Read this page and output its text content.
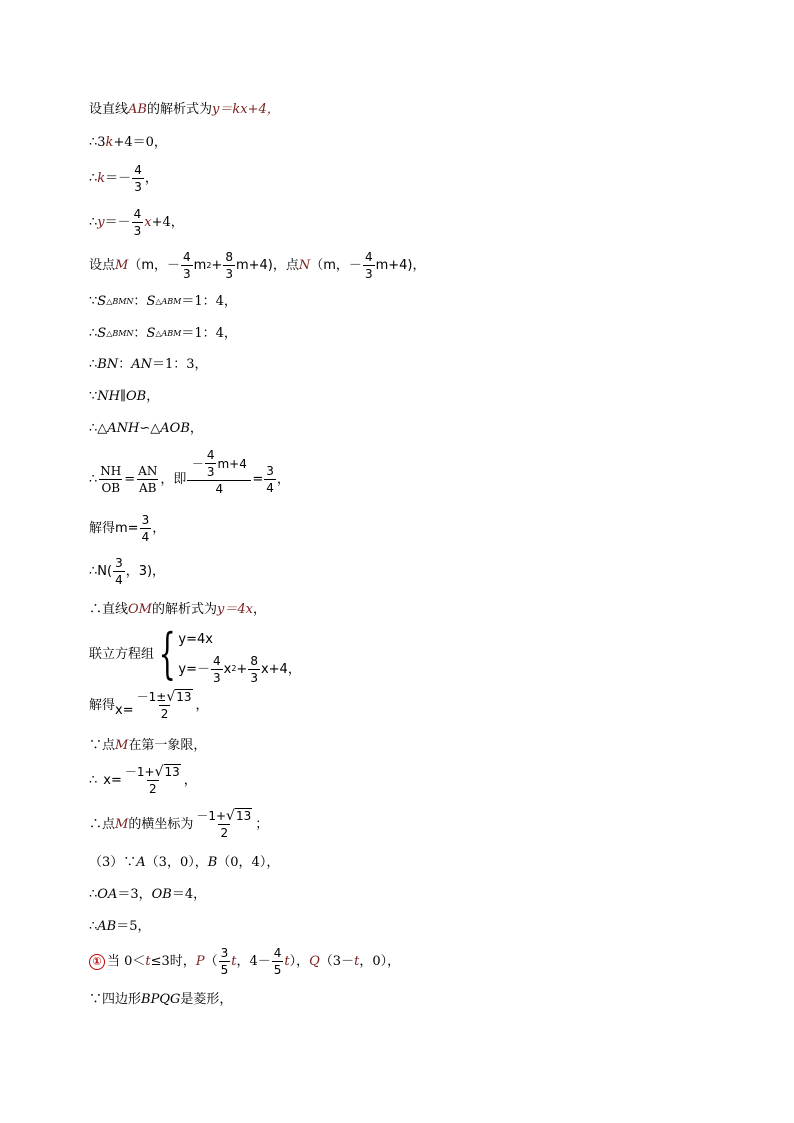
设直线 AB 的解析式为 y ＝ kx +4，
∴3 k +4＝0，
∴ $k =- \frac{4}{3}$ ，
∴ $y =- \frac{4}{3}$ x +4，
设点 M （m， － $\frac{4}{3}$ m $2 + \frac{8}{3} m+4$)，点 N （m， － $\frac{4}{3} m+4$)，
∵ S △BMN ： S △ABM ＝1：4，
∴ S △BMN ： S △ABM ＝1：4，
∴ BN ： AN ＝1：3，
∵ NH ∥ OB ，
∴△ ANH ∽△ AOB ，
∴ $\frac{NH}{OB} = \frac{AN}{AB}$ ，即 $\frac{- \frac{4}{3} m+4}{4} = \frac{3}{4}$ ，
解得 $m= \frac{3}{4}$ ，
∴ $N( \frac{3}{4}$ ，3)，
∴直线 OM 的解析式为 y ＝4 x ，
联立方程组 { y=4x
$y=- \frac{4}{3}$ x $2 + \frac{8}{3} x+4$ ，
解得 $x= \frac{-1\pm√13}{2}$ ，
∵点 M 在第一象限，
∴ $x= \frac{-1+√13}{2}$ ，
∴点 M 的横坐标为 $\frac{-1+√13}{2}$ ；
（3）∵ A （3，0）， B （0，4），
∴ OA ＝3， OB ＝4，
∴ AB ＝5，
① 当 0＜ t ≤3时， P （ $\frac{3}{5}$ t ，$4- \frac{4}{5}$ t ）， Q （3－ t ，0），
∵四边形 BPQG 是菱形，
